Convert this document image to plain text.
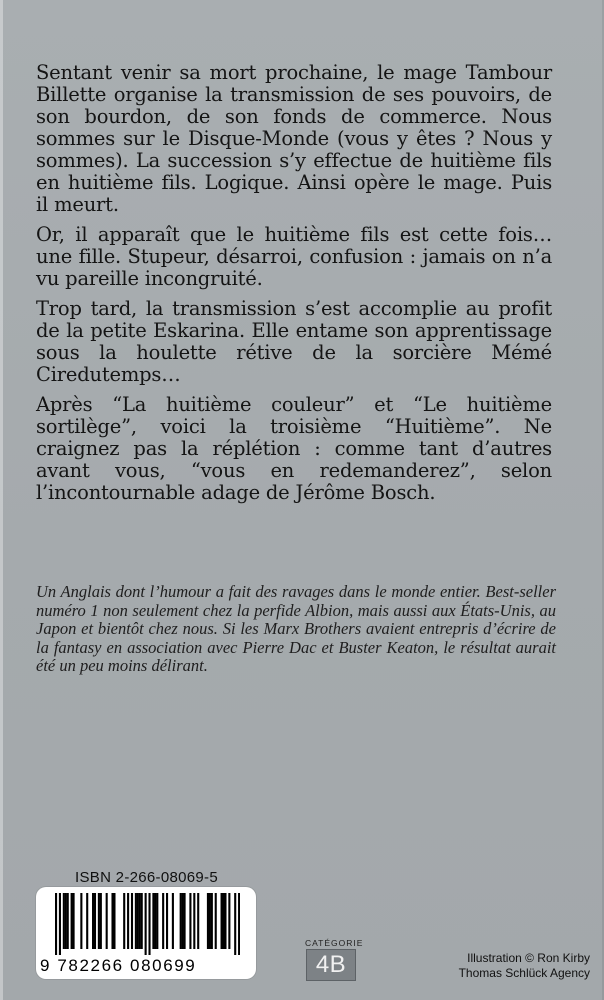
Sentant venir sa mort prochaine, le mage Tambour Billette organise la transmission de ses pouvoirs, de son bourdon, de son fonds de commerce. Nous sommes sur le Disque-Monde (vous y êtes ? Nous y sommes). La succession s’y effectue de huitième fils en huitième fils. Logique. Ainsi opère le mage. Puis il meurt.

Or, il apparaît que le huitième fils est cette fois… une fille. Stupeur, désarroi, confusion : jamais on n’a vu pareille incongruité.

Trop tard, la transmission s’est accomplie au profit de la petite Eskarina. Elle entame son apprentissage sous la houlette rétive de la sorcière Mémé Ciredutemps…

Après “La huitième couleur” et “Le huitième sortilège”, voici la troisième “Huitième”. Ne craignez pas la réplétion : comme tant d’autres avant vous, “vous en redemanderez”, selon l’incontournable adage de Jérôme Bosch.

Un Anglais dont l’humour a fait des ravages dans le monde entier. Best-seller numéro 1 non seulement chez la perfide Albion, mais aussi aux États-Unis, au Japon et bientôt chez nous. Si les Marx Brothers avaient entrepris d’écrire de la fantasy en association avec Pierre Dac et Buster Keaton, le résultat aurait été un peu moins délirant.

ISBN 2-266-08069-5
9 782266 080699
CATÉGORIE
4B	Illustration © Ron Kirby
Thomas Schlück Agency
